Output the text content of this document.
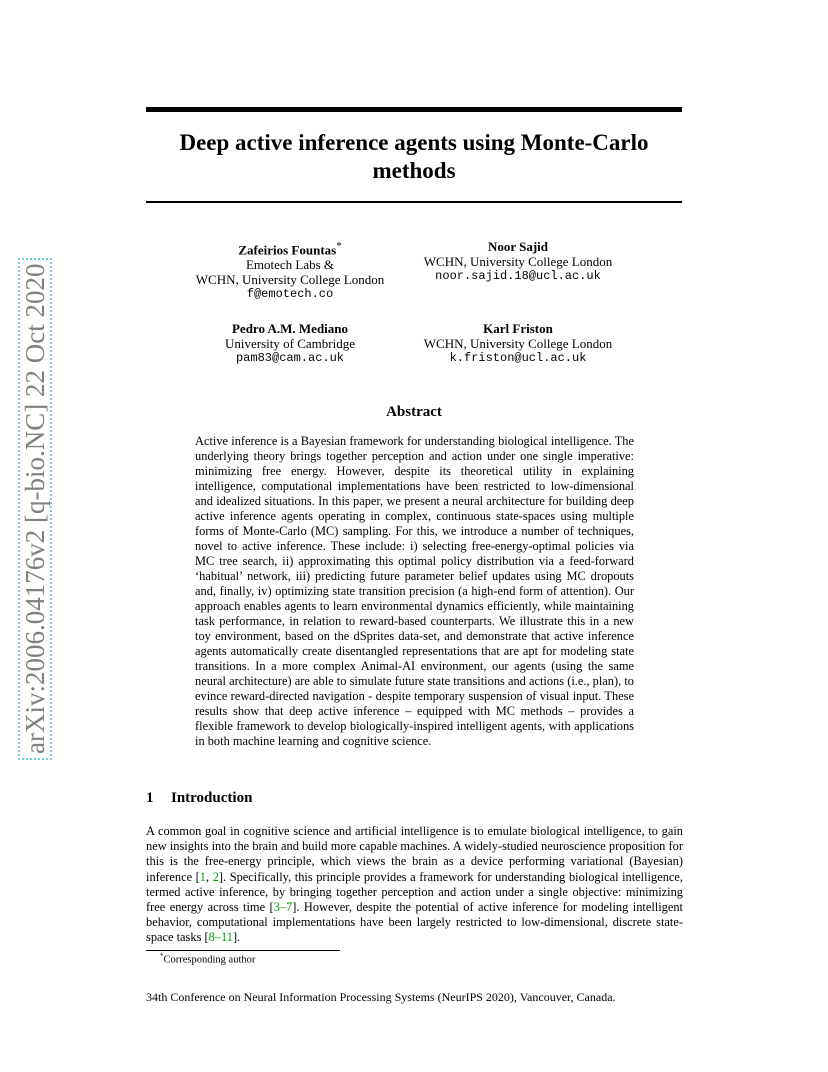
arXiv:2006.04176v2 [q-bio.NC] 22 Oct 2020
Deep active inference agents using Monte-Carlo methods
Zafeirios Fountas*
Emotech Labs &
WCHN, University College London
f@emotech.co
Noor Sajid
WCHN, University College London
noor.sajid.18@ucl.ac.uk
Pedro A.M. Mediano
University of Cambridge
pam83@cam.ac.uk
Karl Friston
WCHN, University College London
k.friston@ucl.ac.uk
Abstract
Active inference is a Bayesian framework for understanding biological intelligence. The underlying theory brings together perception and action under one single imperative: minimizing free energy. However, despite its theoretical utility in explaining intelligence, computational implementations have been restricted to low-dimensional and idealized situations. In this paper, we present a neural architecture for building deep active inference agents operating in complex, continuous state-spaces using multiple forms of Monte-Carlo (MC) sampling. For this, we introduce a number of techniques, novel to active inference. These include: i) selecting free-energy-optimal policies via MC tree search, ii) approximating this optimal policy distribution via a feed-forward ‘habitual’ network, iii) predicting future parameter belief updates using MC dropouts and, finally, iv) optimizing state transition precision (a high-end form of attention). Our approach enables agents to learn environmental dynamics efficiently, while maintaining task performance, in relation to reward-based counterparts. We illustrate this in a new toy environment, based on the dSprites data-set, and demonstrate that active inference agents automatically create disentangled representations that are apt for modeling state transitions. In a more complex Animal-AI environment, our agents (using the same neural architecture) are able to simulate future state transitions and actions (i.e., plan), to evince reward-directed navigation - despite temporary suspension of visual input. These results show that deep active inference – equipped with MC methods – provides a flexible framework to develop biologically-inspired intelligent agents, with applications in both machine learning and cognitive science.
1 Introduction
A common goal in cognitive science and artificial intelligence is to emulate biological intelligence, to gain new insights into the brain and build more capable machines. A widely-studied neuroscience proposition for this is the free-energy principle, which views the brain as a device performing variational (Bayesian) inference [1, 2]. Specifically, this principle provides a framework for understanding biological intelligence, termed active inference, by bringing together perception and action under a single objective: minimizing free energy across time [3–7]. However, despite the potential of active inference for modeling intelligent behavior, computational implementations have been largely restricted to low-dimensional, discrete state-space tasks [8–11].
*Corresponding author
34th Conference on Neural Information Processing Systems (NeurIPS 2020), Vancouver, Canada.
